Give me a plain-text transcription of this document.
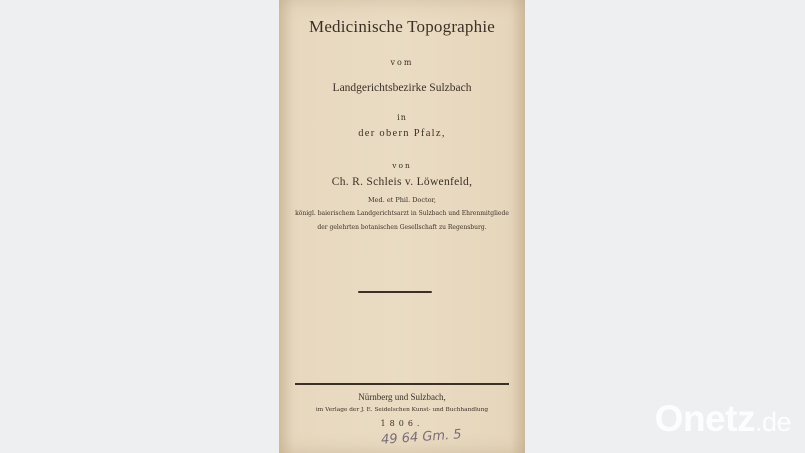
Medicinische Topographie
vom
Landgerichtsbezirke Sulzbach
in
der obern Pfalz,
von
Ch. R. Schleis v. Löwenfeld,
Med. et Phil. Doctor,
königl. baierischem Landgerichtsarzt in Sulzbach und Ehrenmitgliede
der gelehrten botanischen Gesellschaft zu Regensburg.
Nürnberg und Sulzbach,
im Verlage der J. E. Seidelschen Kunst- und Buchhandlung
1806.
49 64 Gm. 5	Onetz.de
